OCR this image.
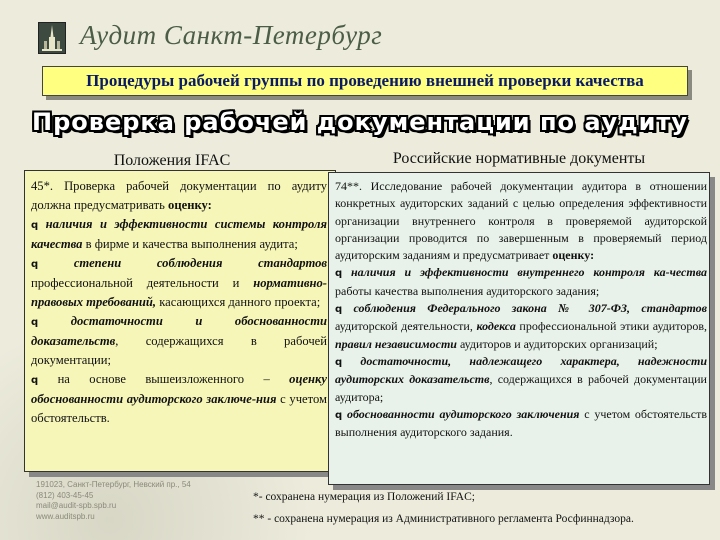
Аудит Санкт-Петербург
Процедуры рабочей группы по проведению внешней проверки качества
Проверка рабочей документации по аудиту
Положения IFAC	Российские нормативные документы

45*. Проверка рабочей документации по аудиту должна предусматривать оценку:

q наличия и эффективности системы контроля качества в фирме и качества выполнения аудита;

q	степени соблюдения стандартов профессиональной деятельности и нормативно-правовых требований, касающихся данного проекта;

q	достаточности и обоснованности доказательств, содержащихся в рабочей документации;

q на основе вышеизложенного – оценку обоснованности аудиторского заключе-ния с учетом обстоятельств.

74**. Исследование рабочей документации аудитора в отношении конкретных аудиторских заданий с целью определения эффективности организации внутреннего контроля в проверяемой аудиторской организации проводится по завершенным в проверяемый период аудиторским заданиям и предусматривает оценку:

q наличия и эффективности внутреннего контроля ка-чества работы качества выполнения аудиторского задания;

q соблюдения Федерального закона № 307-ФЗ, стандартов аудиторской деятельности, кодекса профессиональной этики аудиторов, правил независимости аудиторов и аудиторских организаций;

q достаточности, надлежащего характера, надежности аудиторских доказательств, содержащихся в рабочей документации аудитора;

q обоснованности аудиторского заключения с учетом обстоятельств выполнения аудиторского задания.

191023, Санкт-Петербург, Невский пр., 54
(812) 403-45-45
mail@audit-spb.spb.ru
www.auditspb.ru
*- сохранена нумерация из Положений IFAC;
** - сохранена нумерация из Административного регламента Росфиннадзора.
